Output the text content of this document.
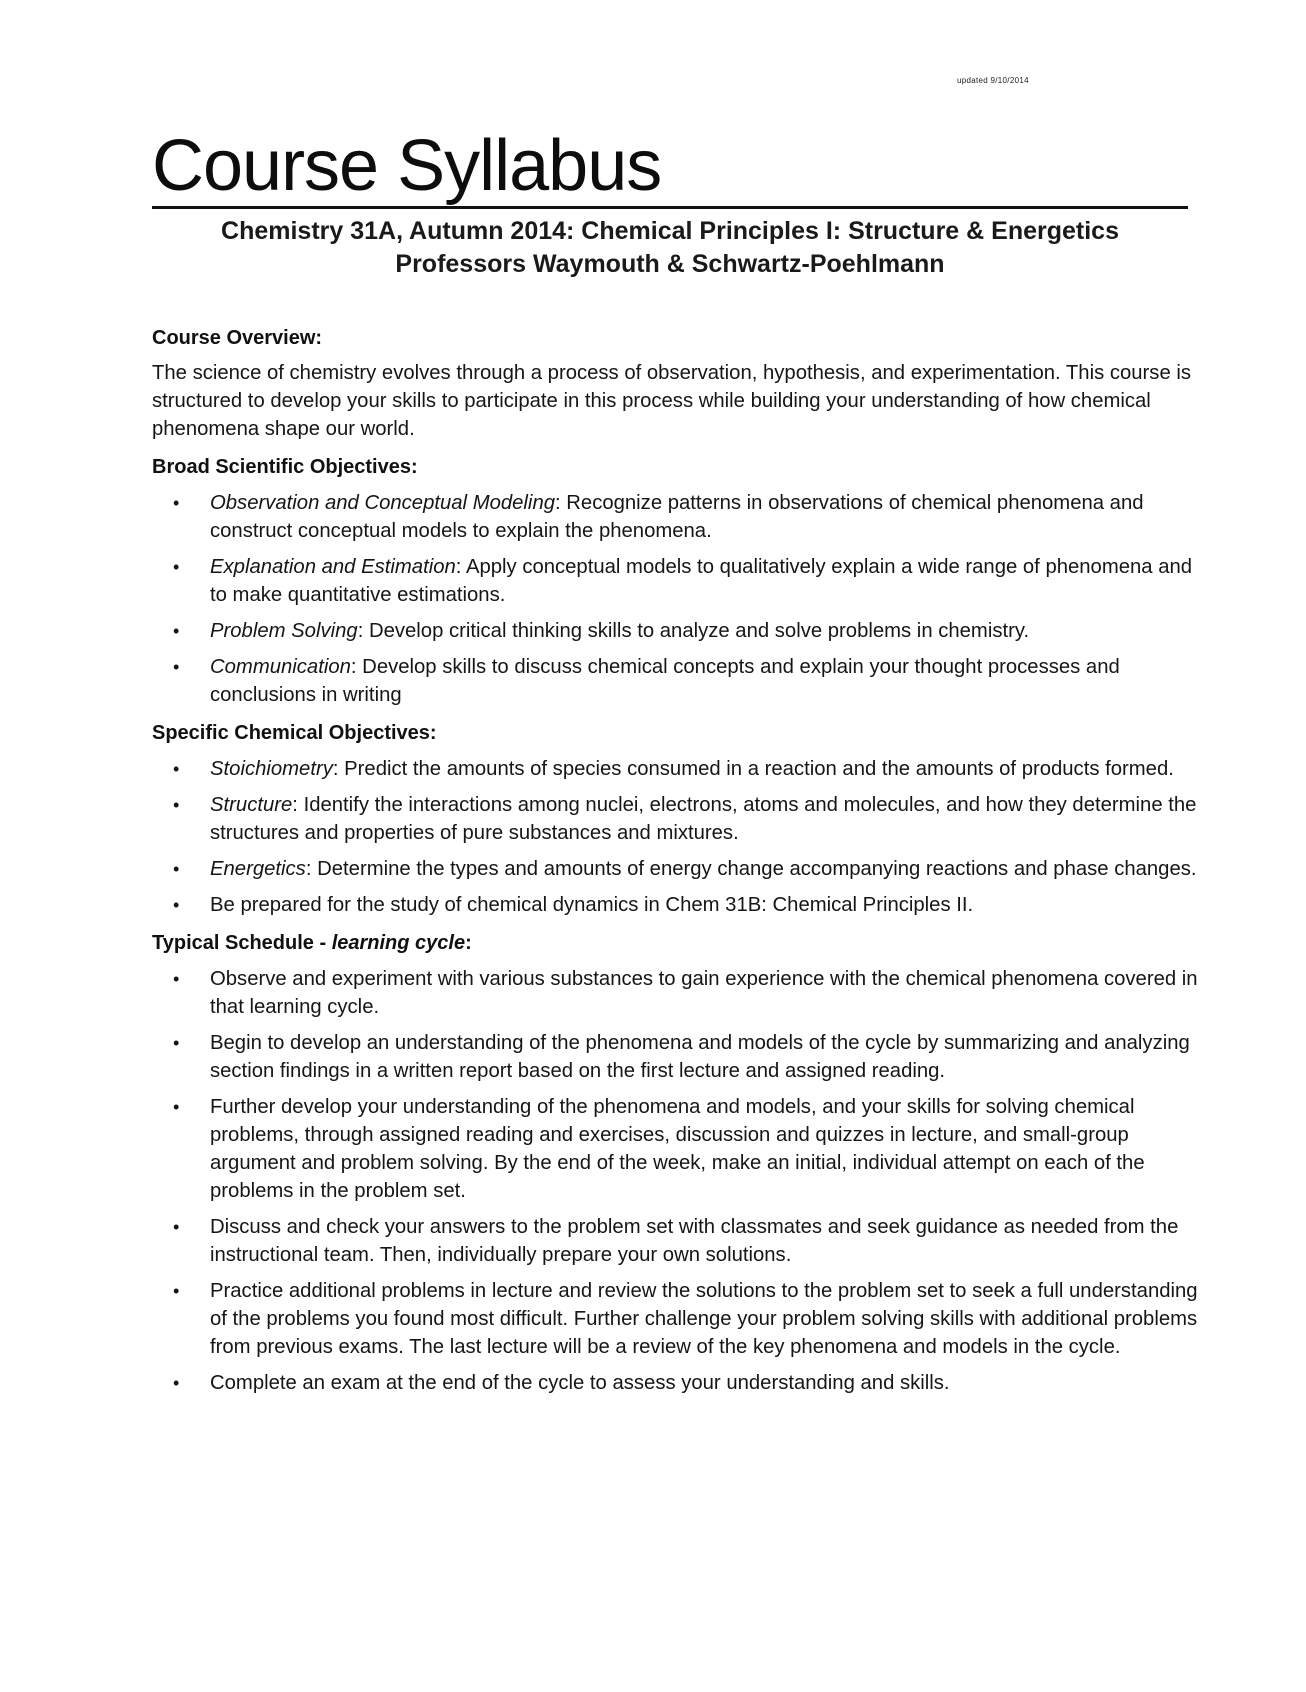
updated 9/10/2014
Course Syllabus
Chemistry 31A, Autumn 2014: Chemical Principles I: Structure & Energetics
Professors Waymouth & Schwartz-Poehlmann

Course Overview:

The science of chemistry evolves through a process of observation, hypothesis, and experimentation. This course is structured to develop your skills to participate in this process while building your understanding of how chemical phenomena shape our world.

Broad Scientific Objectives:

• Observation and Conceptual Modeling: Recognize patterns in observations of chemical phenomena and construct conceptual models to explain the phenomena.
• Explanation and Estimation: Apply conceptual models to qualitatively explain a wide range of phenomena and to make quantitative estimations.
• Problem Solving: Develop critical thinking skills to analyze and solve problems in chemistry.
• Communication: Develop skills to discuss chemical concepts and explain your thought processes and conclusions in writing

Specific Chemical Objectives:

• Stoichiometry: Predict the amounts of species consumed in a reaction and the amounts of products formed.
• Structure: Identify the interactions among nuclei, electrons, atoms and molecules, and how they determine the structures and properties of pure substances and mixtures.
• Energetics: Determine the types and amounts of energy change accompanying reactions and phase changes.
• Be prepared for the study of chemical dynamics in Chem 31B: Chemical Principles II.

Typical Schedule - learning cycle:

• Observe and experiment with various substances to gain experience with the chemical phenomena covered in that learning cycle.
• Begin to develop an understanding of the phenomena and models of the cycle by summarizing and analyzing section findings in a written report based on the first lecture and assigned reading.
• Further develop your understanding of the phenomena and models, and your skills for solving chemical problems, through assigned reading and exercises, discussion and quizzes in lecture, and small-group argument and problem solving. By the end of the week, make an initial, individual attempt on each of the problems in the problem set.
• Discuss and check your answers to the problem set with classmates and seek guidance as needed from the instructional team. Then, individually prepare your own solutions.
• Practice additional problems in lecture and review the solutions to the problem set to seek a full understanding of the problems you found most difficult. Further challenge your problem solving skills with additional problems from previous exams. The last lecture will be a review of the key phenomena and models in the cycle.
• Complete an exam at the end of the cycle to assess your understanding and skills.
